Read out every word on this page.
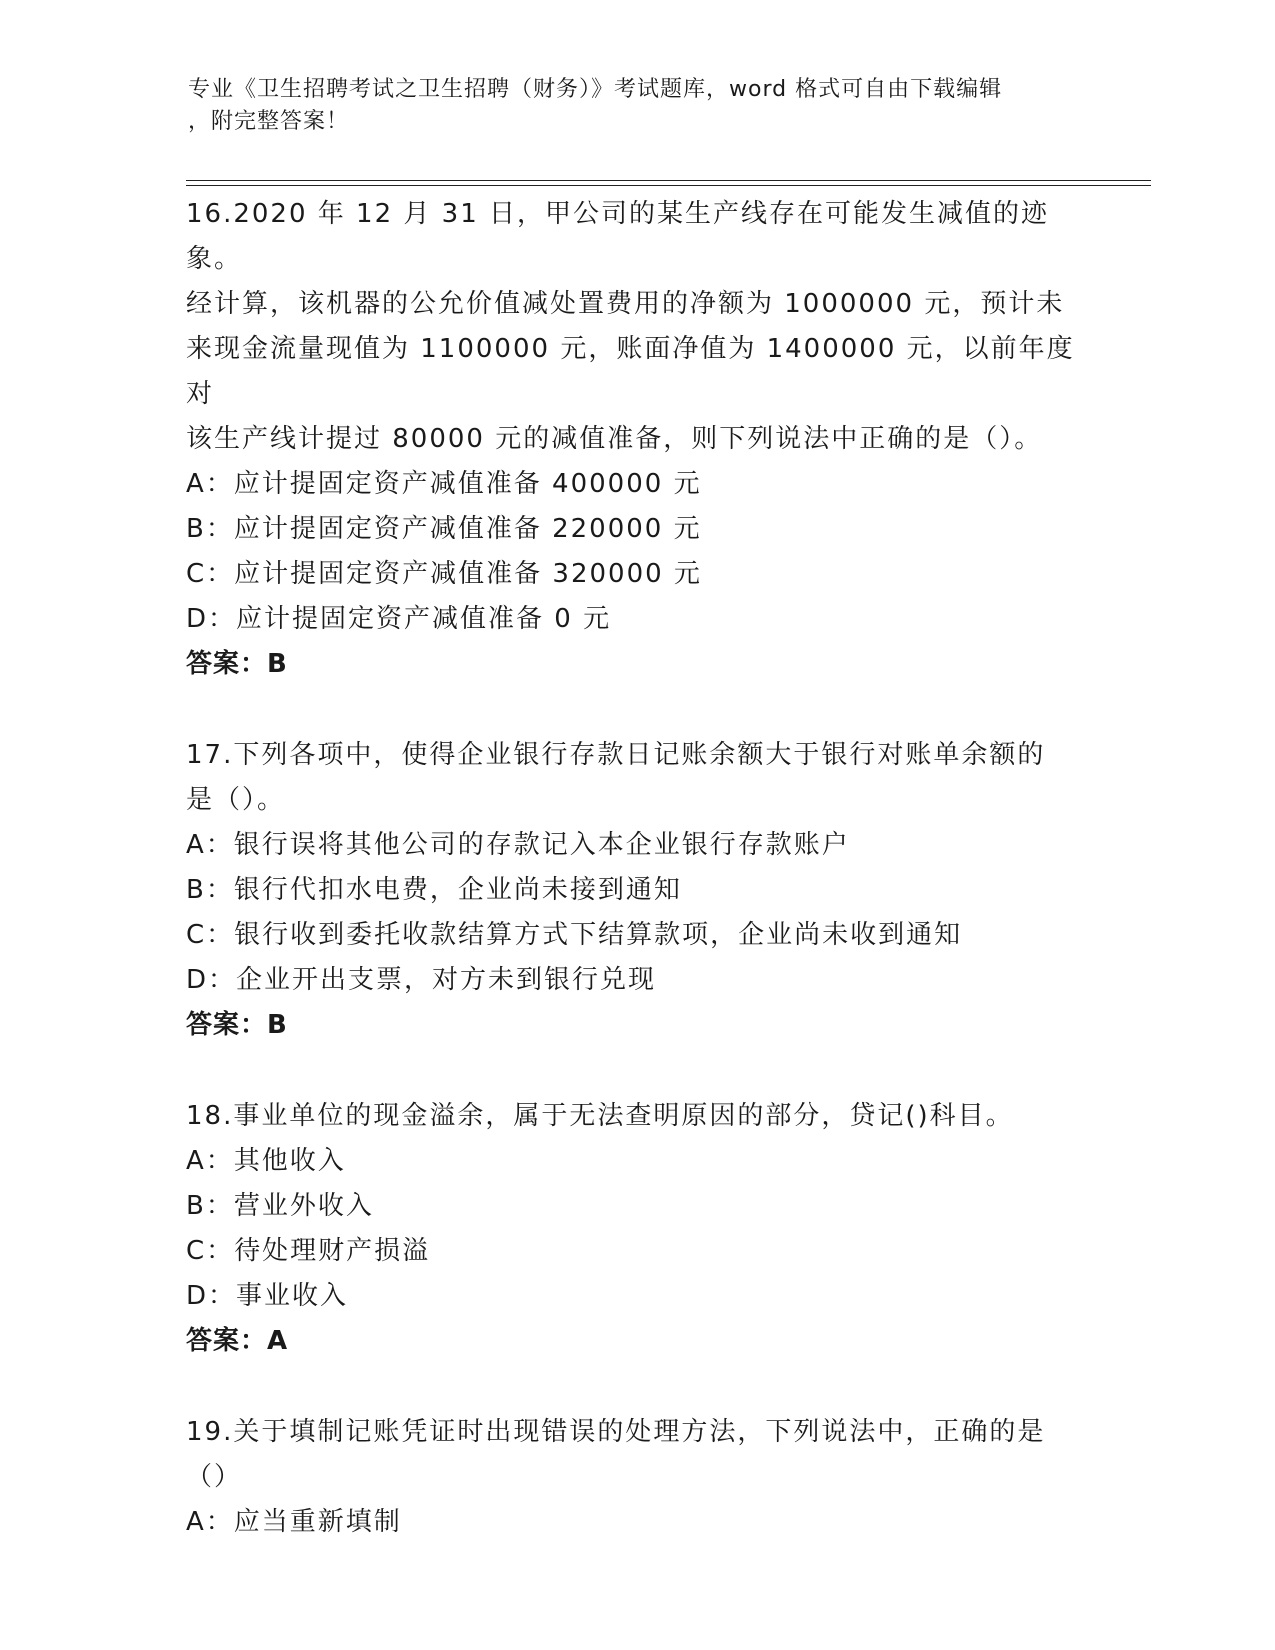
专业《卫生招聘考试之卫生招聘（财务）》考试题库，word 格式可自由下载编辑
，附完整答案！
16.2020 年 12 月 31 日，甲公司的某生产线存在可能发生减值的迹象。
经计算，该机器的公允价值减处置费用的净额为 1000000 元，预计未
来现金流量现值为 1100000 元，账面净值为 1400000 元，以前年度对
该生产线计提过 80000 元的减值准备，则下列说法中正确的是（）。
A：应计提固定资产减值准备 400000 元
B：应计提固定资产减值准备 220000 元
C：应计提固定资产减值准备 320000 元
D：应计提固定资产减值准备 0 元
答案：B
17.下列各项中，使得企业银行存款日记账余额大于银行对账单余额的
是（）。
A：银行误将其他公司的存款记入本企业银行存款账户
B：银行代扣水电费，企业尚未接到通知
C：银行收到委托收款结算方式下结算款项，企业尚未收到通知
D：企业开出支票，对方未到银行兑现
答案：B
18.事业单位的现金溢余，属于无法查明原因的部分，贷记()科目。
A：其他收入
B：营业外收入
C：待处理财产损溢
D：事业收入
答案：A
19.关于填制记账凭证时出现错误的处理方法，下列说法中，正确的是
（）
A：应当重新填制
